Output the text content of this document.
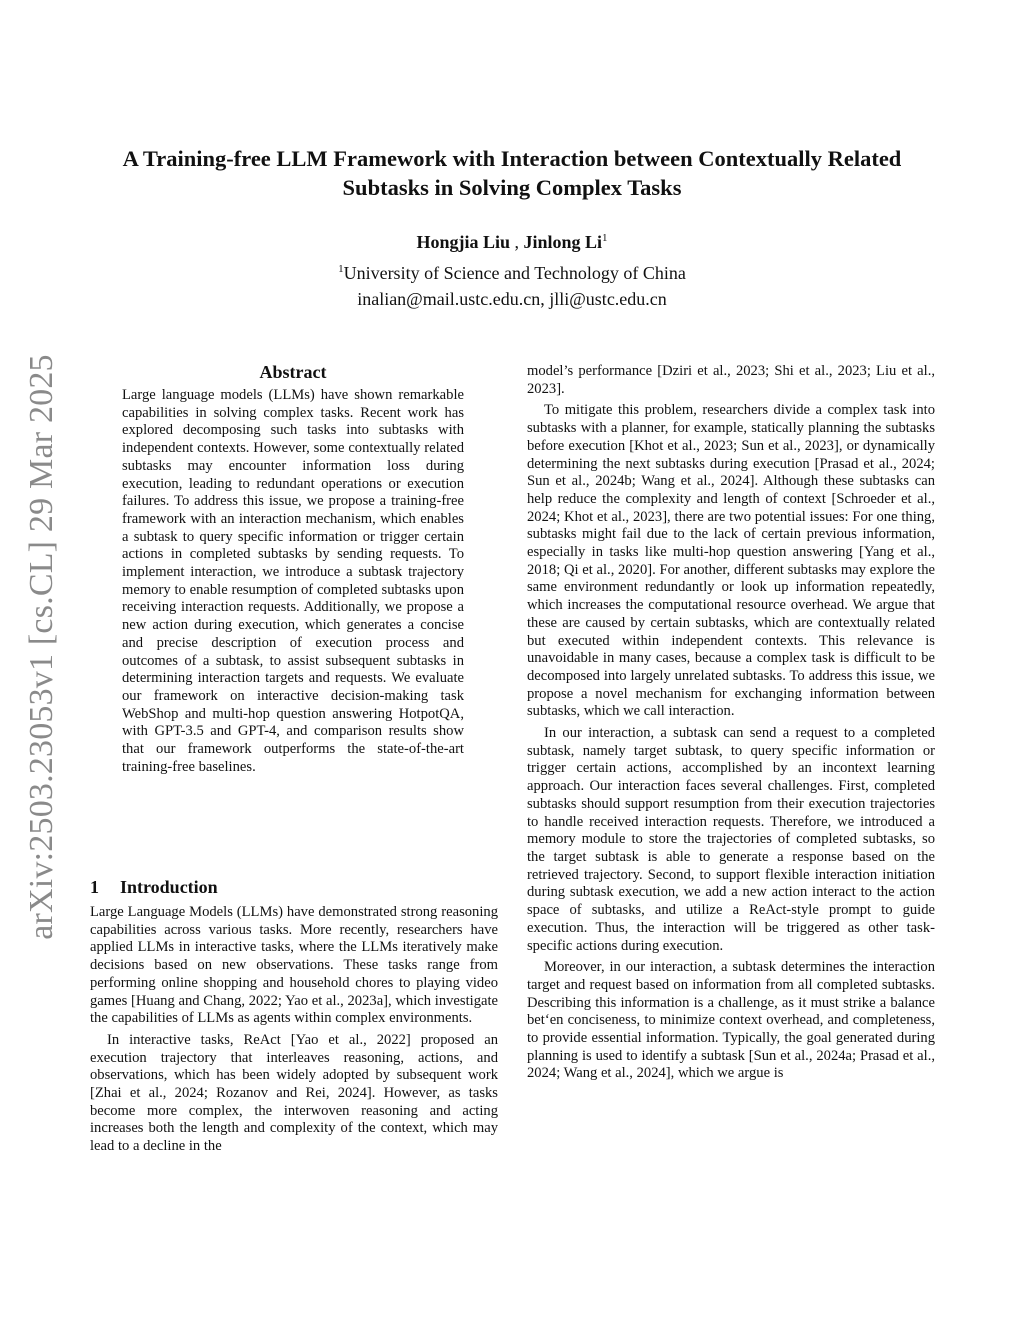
arXiv:2503.23053v1 [cs.CL] 29 Mar 2025
A Training-free LLM Framework with Interaction between Contextually Related
Subtasks in Solving Complex Tasks
Hongjia Liu , Jinlong Li$^1$
$^1$University of Science and Technology of China
inalian@mail.ustc.edu.cn, jlli@ustc.edu.cn
Abstract

Large language models (LLMs) have shown remarkable capabilities in solving complex tasks. Recent work has explored decomposing such tasks into subtasks with independent contexts. However, some contextually related subtasks may encounter information loss during execution, leading to redundant operations or execution failures. To address this issue, we propose a training-free framework with an interaction mechanism, which enables a subtask to query specific information or trigger certain actions in completed subtasks by sending requests. To implement interaction, we introduce a subtask trajectory memory to enable resumption of completed subtasks upon receiving interaction requests. Additionally, we propose a new action during execution, which generates a concise and precise description of execution process and outcomes of a subtask, to assist subsequent subtasks in determining interaction targets and requests. We evaluate our framework on interactive decision-making task WebShop and multi-hop question answering HotpotQA, with GPT-3.5 and GPT-4, and comparison results show that our framework outperforms the state-of-the-art training-free baselines.

1 Introduction

Large Language Models (LLMs) have demonstrated strong reasoning capabilities across various tasks. More recently, researchers have applied LLMs in interactive tasks, where the LLMs iteratively make decisions based on new observations. These tasks range from performing online shopping and household chores to playing video games [Huang and Chang, 2022; Yao et al., 2023a], which investigate the capabilities of LLMs as agents within complex environments.

In interactive tasks, ReAct [Yao et al., 2022] proposed an execution trajectory that interleaves reasoning, actions, and observations, which has been widely adopted by subsequent work [Zhai et al., 2024; Rozanov and Rei, 2024]. However, as tasks become more complex, the interwoven reasoning and acting increases both the length and complexity of the context, which may lead to a decline in the

model’s performance [Dziri et al., 2023; Shi et al., 2023; Liu et al., 2023].

To mitigate this problem, researchers divide a complex task into subtasks with a planner, for example, statically planning the subtasks before execution [Khot et al., 2023; Sun et al., 2023], or dynamically determining the next subtasks during execution [Prasad et al., 2024; Sun et al., 2024b; Wang et al., 2024]. Although these subtasks can help reduce the complexity and length of context [Schroeder et al., 2024; Khot et al., 2023], there are two potential issues: For one thing, subtasks might fail due to the lack of certain previous information, especially in tasks like multi-hop question answering [Yang et al., 2018; Qi et al., 2020]. For another, different subtasks may explore the same environment redundantly or look up information repeatedly, which increases the computational resource overhead. We argue that these are caused by certain subtasks, which are contextually related but executed within independent contexts. This relevance is unavoidable in many cases, because a complex task is difficult to be decomposed into largely unrelated subtasks. To address this issue, we propose a novel mechanism for exchanging information between subtasks, which we call interaction.

In our interaction, a subtask can send a request to a completed subtask, namely target subtask, to query specific information or trigger certain actions, accomplished by an incontext learning approach. Our interaction faces several challenges. First, completed subtasks should support resumption from their execution trajectories to handle received interaction requests. Therefore, we introduced a memory module to store the trajectories of completed subtasks, so the target subtask is able to generate a response based on the retrieved trajectory. Second, to support flexible interaction initiation during subtask execution, we add a new action interact to the action space of subtasks, and utilize a ReAct-style prompt to guide execution. Thus, the interaction will be triggered as other task-specific actions during execution.

Moreover, in our interaction, a subtask determines the interaction target and request based on information from all completed subtasks. Describing this information is a challenge, as it must strike a balance bet‘en conciseness, to minimize context overhead, and completeness, to provide essential information. Typically, the goal generated during planning is used to identify a subtask [Sun et al., 2024a; Prasad et al., 2024; Wang et al., 2024], which we argue is
